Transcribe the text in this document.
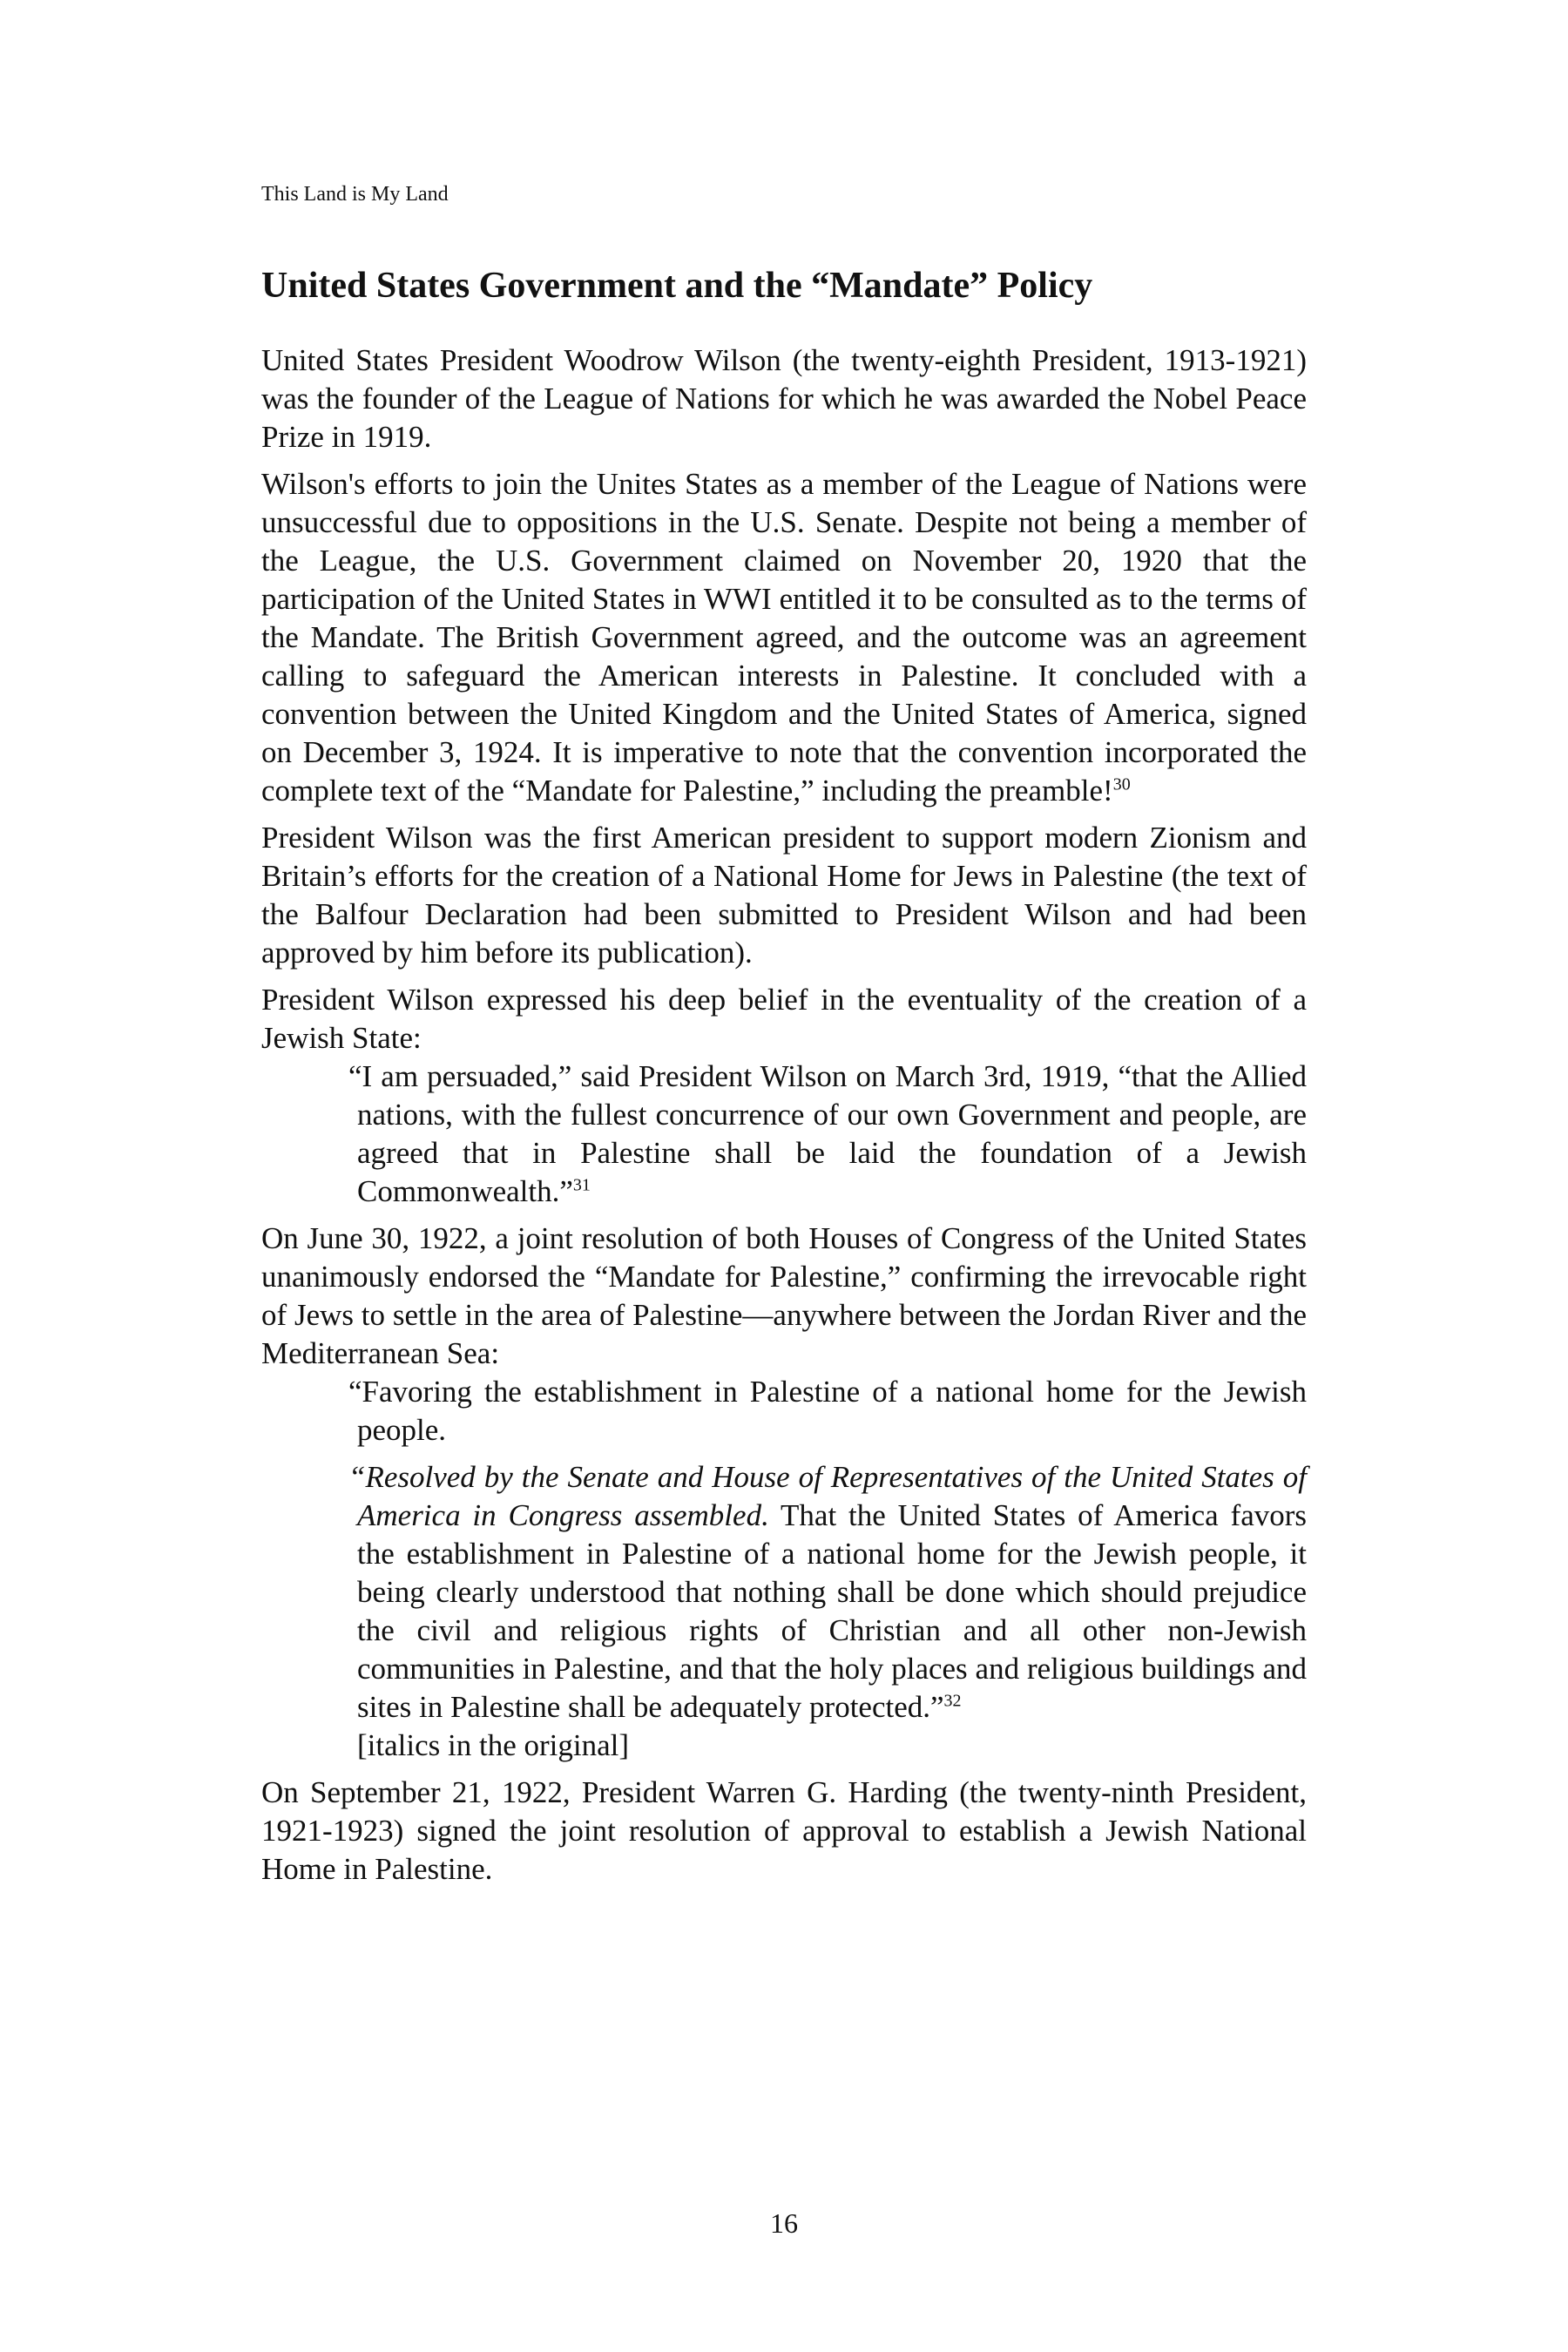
This Land is My Land
United States Government and the “Mandate” Policy

United States President Woodrow Wilson (the twenty-eighth President, 1913-1921) was the founder of the League of Nations for which he was awarded the Nobel Peace Prize in 1919.

Wilson's efforts to join the Unites States as a member of the League of Nations were unsuccessful due to oppositions in the U.S. Senate. Despite not being a member of the League, the U.S. Government claimed on November 20, 1920 that the participation of the United States in WWI entitled it to be consulted as to the terms of the Mandate. The British Government agreed, and the outcome was an agreement calling to safeguard the American interests in Palestine. It concluded with a convention between the United Kingdom and the United States of America, signed on December 3, 1924. It is imperative to note that the convention incorporated the complete text of the “Mandate for Palestine,” including the preamble!$^{30}$

President Wilson was the first American president to support modern Zionism and Britain’s efforts for the creation of a National Home for Jews in Palestine (the text of the Balfour Declaration had been submitted to President Wilson and had been approved by him before its publication).

President Wilson expressed his deep belief in the eventuality of the creation of a Jewish State:

“I am persuaded,” said President Wilson on March 3rd, 1919, “that the Allied nations, with the fullest concurrence of our own Government and people, are agreed that in Palestine shall be laid the foundation of a Jewish Commonwealth.”$^{31}$

On June 30, 1922, a joint resolution of both Houses of Congress of the United States unanimously endorsed the “Mandate for Palestine,” confirming the irrevocable right of Jews to settle in the area of Palestine—anywhere between the Jordan River and the Mediterranean Sea:

“Favoring the establishment in Palestine of a national home for the Jewish people.

“Resolved by the Senate and House of Representatives of the United States of America in Congress assembled. That the United States of America favors the establishment in Palestine of a national home for the Jewish people, it being clearly understood that nothing shall be done which should prejudice the civil and religious rights of Christian and all other non-Jewish communities in Palestine, and that the holy places and religious buildings and sites in Palestine shall be adequately protected.”$^{32}$
[italics in the original]

On September 21, 1922, President Warren G. Harding (the twenty-ninth President, 1921-1923) signed the joint resolution of approval to establish a Jewish National Home in Palestine.

16
